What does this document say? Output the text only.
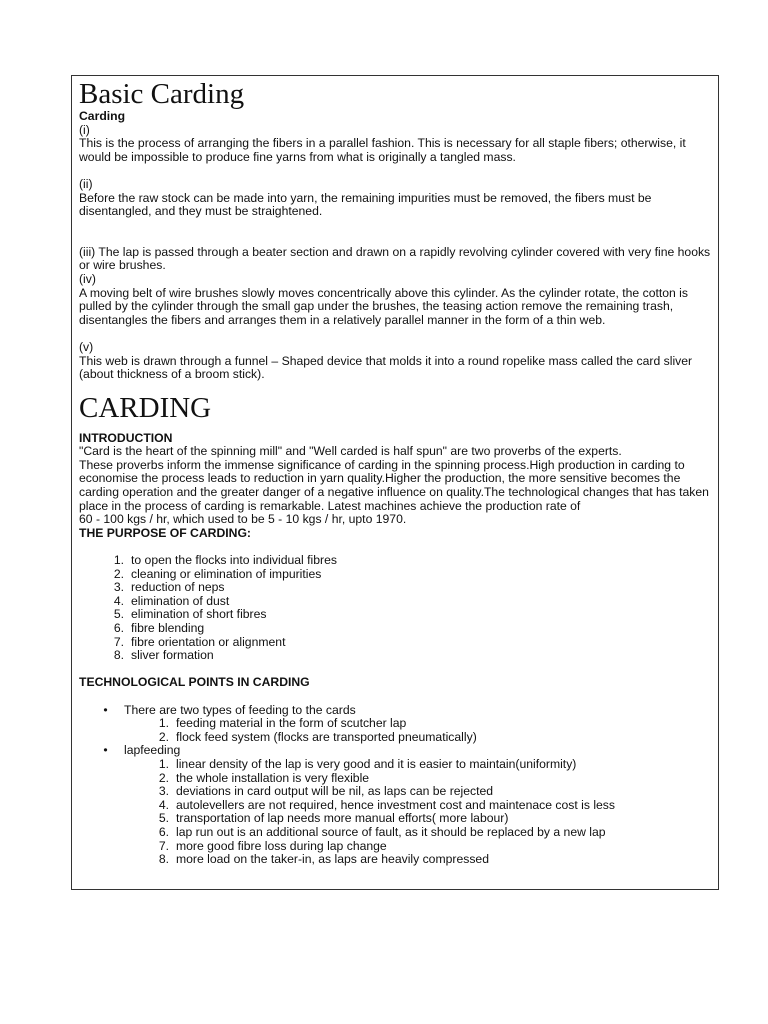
Basic Carding

Carding

(i)

This is the process of arranging the fibers in a parallel fashion. This is necessary for all staple fibers; otherwise, it would be impossible to produce fine yarns from what is originally a tangled mass.

(ii)

Before the raw stock can be made into yarn, the remaining impurities must be removed, the fibers must be disentangled, and they must be straightened.

(iii) The lap is passed through a beater section and drawn on a rapidly revolving cylinder covered with very fine hooks or wire brushes.

(iv)

A moving belt of wire brushes slowly moves concentrically above this cylinder. As the cylinder rotate, the cotton is pulled by the cylinder through the small gap under the brushes, the teasing action remove the remaining trash, disentangles the fibers and arranges them in a relatively parallel manner in the form of a thin web.

(v)

This web is drawn through a funnel – Shaped device that molds it into a round ropelike mass called the card sliver (about thickness of a broom stick).

CARDING

INTRODUCTION

"Card is the heart of the spinning mill" and "Well carded is half spun" are two proverbs of the experts.

These proverbs inform the immense significance of carding in the spinning process.High production in carding to economise the process leads to reduction in yarn quality.Higher the production, the more sensitive becomes the carding operation and the greater danger of a negative influence on quality.The technological changes that has taken place in the process of carding is remarkable. Latest machines achieve the production rate of

60 - 100 kgs / hr, which used to be 5 - 10 kgs / hr, upto 1970.

THE PURPOSE OF CARDING:

1. to open the flocks into individual fibres
2. cleaning or elimination of impurities
3. reduction of neps
4. elimination of dust
5. elimination of short fibres
6. fibre blending
7. fibre orientation or alignment
8. sliver formation

TECHNOLOGICAL POINTS IN CARDING

•	There are two types of feeding to the cards
1. feeding material in the form of scutcher lap
2. flock feed system (flocks are transported pneumatically)
•	lapfeeding
1. linear density of the lap is very good and it is easier to maintain(uniformity)
2. the whole installation is very flexible
3. deviations in card output will be nil, as laps can be rejected
4. autolevellers are not required, hence investment cost and maintenace cost is less
5. transportation of lap needs more manual efforts( more labour)
6. lap run out is an additional source of fault, as it should be replaced by a new lap
7. more good fibre loss during lap change
8. more load on the taker-in, as laps are heavily compressed
